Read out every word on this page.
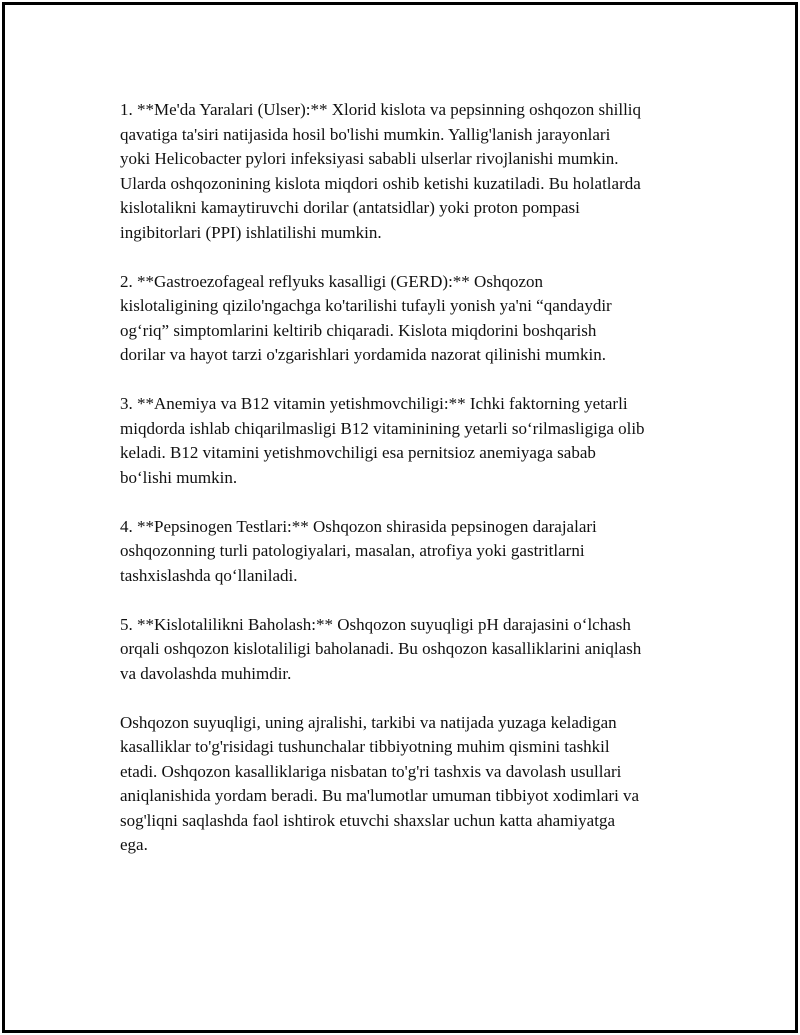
1. **Me'da Yaralari (Ulser):** Xlorid kislota va pepsinning oshqozon shilliq
qavatiga ta'siri natijasida hosil bo'lishi mumkin. Yallig'lanish jarayonlari
yoki Helicobacter pylori infeksiyasi sababli ulserlar rivojlanishi mumkin.
Ularda oshqozonining kislota miqdori oshib ketishi kuzatiladi. Bu holatlarda
kislotalikni kamaytiruvchi dorilar (antatsidlar) yoki proton pompasi
ingibitorlari (PPI) ishlatilishi mumkin.

2. **Gastroezofageal reflyuks kasalligi (GERD):** Oshqozon
kislotaligining qizilo'ngachga ko'tarilishi tufayli yonish ya'ni “qandaydir
og‘riq” simptomlarini keltirib chiqaradi. Kislota miqdorini boshqarish
dorilar va hayot tarzi o'zgarishlari yordamida nazorat qilinishi mumkin.

3. **Anemiya va B12 vitamin yetishmovchiligi:** Ichki faktorning yetarli
miqdorda ishlab chiqarilmasligi B12 vitaminining yetarli so‘rilmasligiga olib
keladi. B12 vitamini yetishmovchiligi esa pernitsioz anemiyaga sabab
bo‘lishi mumkin.

4. **Pepsinogen Testlari:** Oshqozon shirasida pepsinogen darajalari
oshqozonning turli patologiyalari, masalan, atrofiya yoki gastritlarni
tashxislashda qo‘llaniladi.

5. **Kislotalilikni Baholash:** Oshqozon suyuqligi pH darajasini o‘lchash
orqali oshqozon kislotaliligi baholanadi. Bu oshqozon kasalliklarini aniqlash
va davolashda muhimdir.

Oshqozon suyuqligi, uning ajralishi, tarkibi va natijada yuzaga keladigan
kasalliklar to'g'risidagi tushunchalar tibbiyotning muhim qismini tashkil
etadi. Oshqozon kasalliklariga nisbatan to'g'ri tashxis va davolash usullari
aniqlanishida yordam beradi. Bu ma'lumotlar umuman tibbiyot xodimlari va
sog'liqni saqlashda faol ishtirok etuvchi shaxslar uchun katta ahamiyatga
ega.
